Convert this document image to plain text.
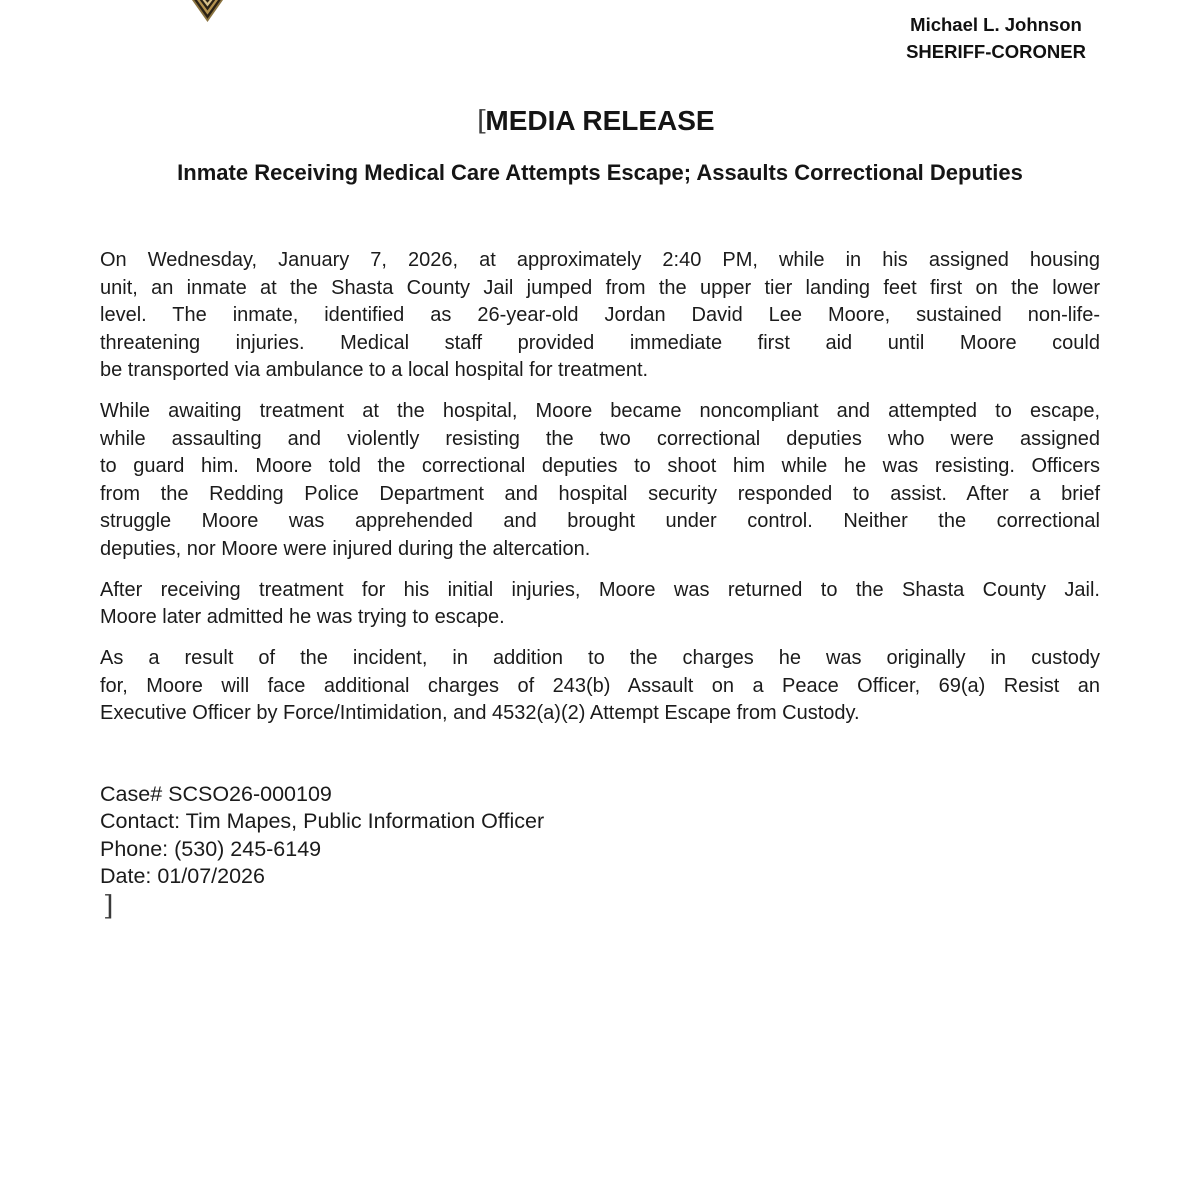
Michael L. Johnson
SHERIFF-CORONER
[
MEDIA RELEASE
Inmate Receiving Medical Care Attempts Escape; Assaults Correctional Deputies
On Wednesday, January 7, 2026, at approximately 2:40 PM, while in his assigned housing
unit, an inmate at the Shasta County Jail jumped from the upper tier landing feet first on the lower
level. The inmate, identified as 26-year-old Jordan David Lee Moore, sustained non-life-
threatening injuries. Medical staff provided immediate first aid until Moore could
be transported via ambulance to a local hospital for treatment.
While awaiting treatment at the hospital, Moore became noncompliant and attempted to escape,
while assaulting and violently resisting the two correctional deputies who were assigned
to guard him. Moore told the correctional deputies to shoot him while he was resisting. Officers
from the Redding Police Department and hospital security responded to assist. After a brief
struggle Moore was apprehended and brought under control. Neither the correctional
deputies, nor Moore were injured during the altercation.
After receiving treatment for his initial injuries, Moore was returned to the Shasta County Jail.
Moore later admitted he was trying to escape.
As a result of the incident, in addition to the charges he was originally in custody
for, Moore will face additional charges of 243(b) Assault on a Peace Officer, 69(a) Resist an
Executive Officer by Force/Intimidation, and 4532(a)(2) Attempt Escape from Custody.
Case# SCSO26-000109
Contact: Tim Mapes, Public Information Officer
Phone: (530) 245-6149
Date: 01/07/2026
]
